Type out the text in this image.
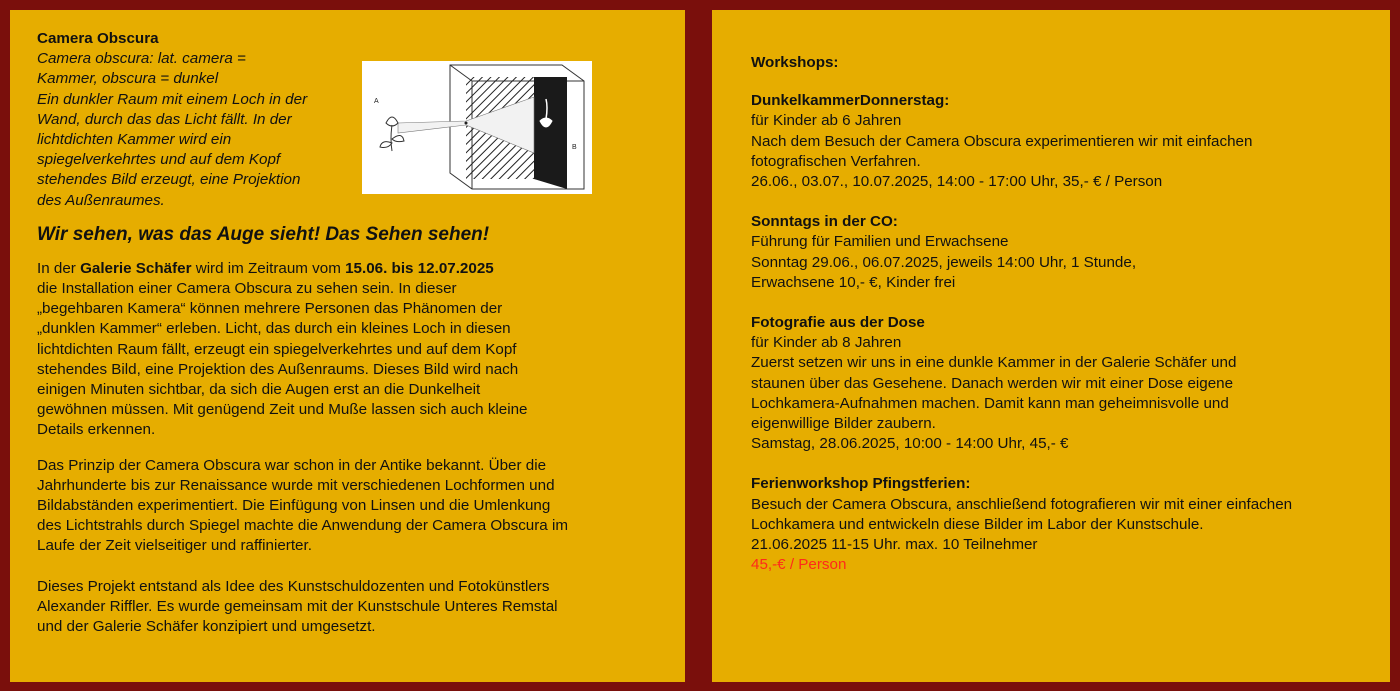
Camera Obscura
Camera obscura: lat. camera =
Kammer, obscura = dunkel
Ein dunkler Raum mit einem Loch in der
Wand, durch das das Licht fällt. In der
lichtdichten Kammer wird ein
spiegelverkehrtes und auf dem Kopf
stehendes Bild erzeugt, eine Projektion
des Außenraumes.
A
B
Wir sehen, was das Auge sieht! Das Sehen sehen!
In der Galerie Schäfer wird im Zeitraum vom 15.06. bis 12.07.2025
die Installation einer Camera Obscura zu sehen sein. In dieser
„begehbaren Kamera“ können mehrere Personen das Phänomen der
„dunklen Kammer“ erleben. Licht, das durch ein kleines Loch in diesen
lichtdichten Raum fällt, erzeugt ein spiegelverkehrtes und auf dem Kopf
stehendes Bild, eine Projektion des Außenraums. Dieses Bild wird nach
einigen Minuten sichtbar, da sich die Augen erst an die Dunkelheit
gewöhnen müssen. Mit genügend Zeit und Muße lassen sich auch kleine
Details erkennen.
Das Prinzip der Camera Obscura war schon in der Antike bekannt. Über die
Jahrhunderte bis zur Renaissance wurde mit verschiedenen Lochformen und
Bildabständen experimentiert. Die Einfügung von Linsen und die Umlenkung
des Lichtstrahls durch Spiegel machte die Anwendung der Camera Obscura im
Laufe der Zeit vielseitiger und raffinierter.
Dieses Projekt entstand als Idee des Kunstschuldozenten und Fotokünstlers
Alexander Riffler. Es wurde gemeinsam mit der Kunstschule Unteres Remstal
und der Galerie Schäfer konzipiert und umgesetzt.
Workshops:
DunkelkammerDonnerstag:
für Kinder ab 6 Jahren
Nach dem Besuch der Camera Obscura experimentieren wir mit einfachen
fotografischen Verfahren.
26.06., 03.07., 10.07.2025, 14:00 - 17:00 Uhr, 35,- € / Person
Sonntags in der CO:
Führung für Familien und Erwachsene
Sonntag 29.06., 06.07.2025, jeweils 14:00 Uhr, 1 Stunde,
Erwachsene 10,- €, Kinder frei
Fotografie aus der Dose
für Kinder ab 8 Jahren
Zuerst setzen wir uns in eine dunkle Kammer in der Galerie Schäfer und
staunen über das Gesehene. Danach werden wir mit einer Dose eigene
Lochkamera-Aufnahmen machen. Damit kann man geheimnisvolle und
eigenwillige Bilder zaubern.
Samstag, 28.06.2025, 10:00 - 14:00 Uhr, 45,- €
Ferienworkshop Pfingstferien:
Besuch der Camera Obscura, anschließend fotografieren wir mit einer einfachen
Lochkamera und entwickeln diese Bilder im Labor der Kunstschule.
21.06.2025 11-15 Uhr. max. 10 Teilnehmer
45,-€ / Person
